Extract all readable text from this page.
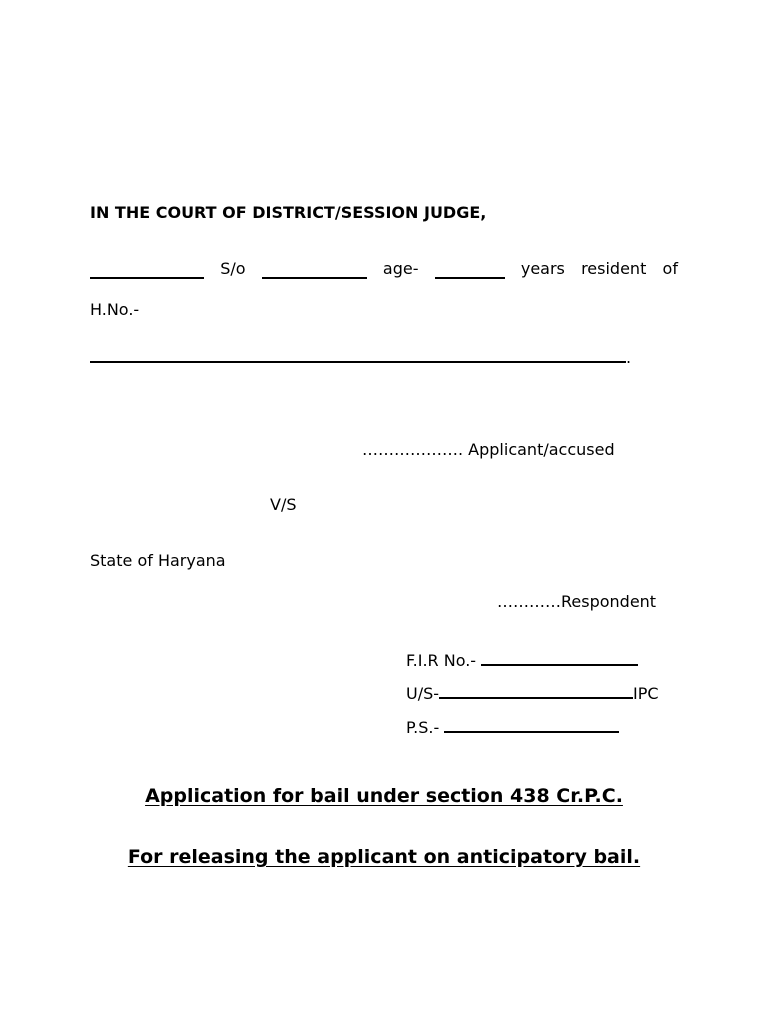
IN THE COURT OF DISTRICT/SESSION JUDGE,
S/o	age-	years resident of
H.No.-
.
………………. Applicant/accused
V/S
State of Haryana
…………Respondent
F.I.R No.-
U/S-	IPC
P.S.-
Application for bail under section 438 Cr.P.C.
For releasing the applicant on anticipatory bail.
